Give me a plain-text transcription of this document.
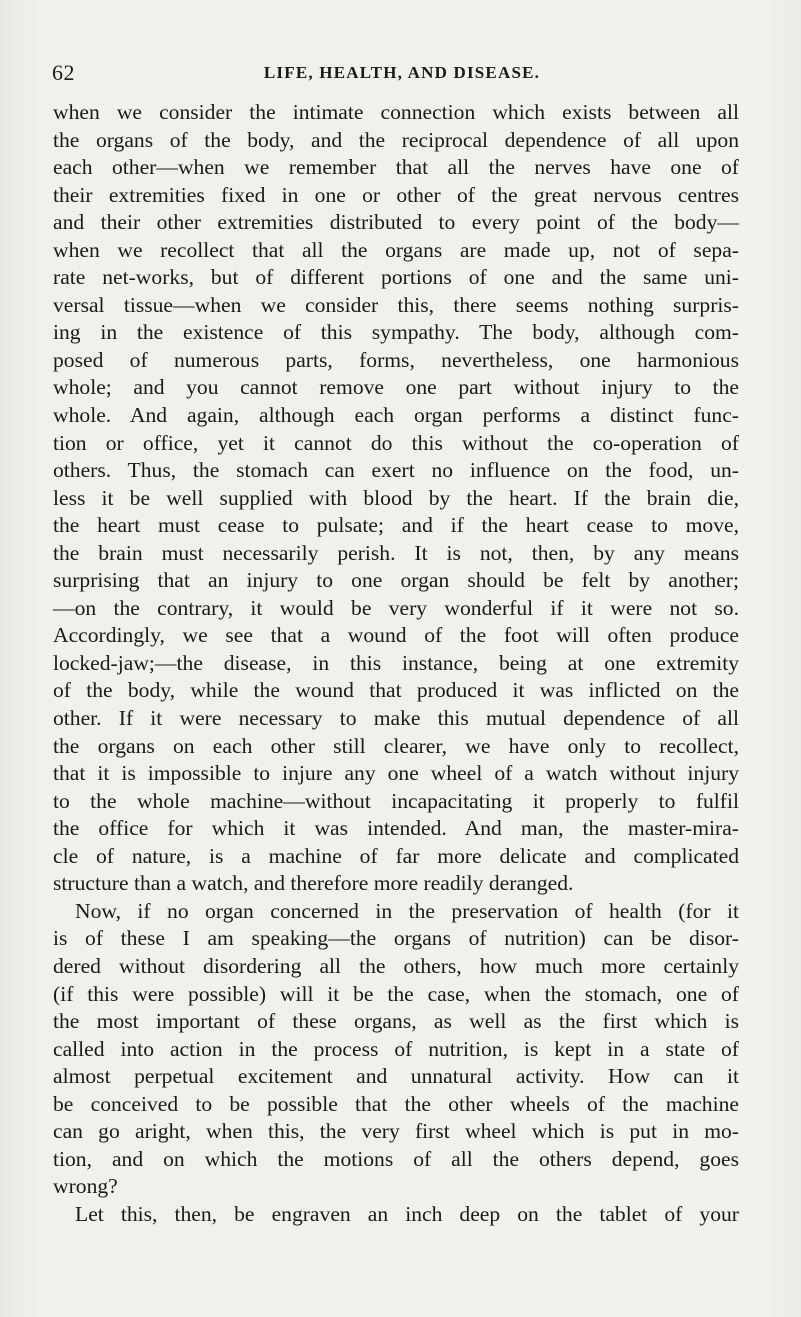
62	LIFE, HEALTH, AND DISEASE.
when we consider the intimate connection which exists between all
the organs of the body, and the reciprocal dependence of all upon
each other—when we remember that all the nerves have one of
their extremities fixed in one or other of the great nervous centres
and their other extremities distributed to every point of the body—
when we recollect that all the organs are made up, not of sepa-
rate net-works, but of different portions of one and the same uni-
versal tissue—when we consider this, there seems nothing surpris-
ing in the existence of this sympathy. The body, although com-
posed of numerous parts, forms, nevertheless, one harmonious
whole; and you cannot remove one part without injury to the
whole. And again, although each organ performs a distinct func-
tion or office, yet it cannot do this without the co-operation of
others. Thus, the stomach can exert no influence on the food, un-
less it be well supplied with blood by the heart. If the brain die,
the heart must cease to pulsate; and if the heart cease to move,
the brain must necessarily perish. It is not, then, by any means
surprising that an injury to one organ should be felt by another;
—on the contrary, it would be very wonderful if it were not so.
Accordingly, we see that a wound of the foot will often produce
locked-jaw;—the disease, in this instance, being at one extremity
of the body, while the wound that produced it was inflicted on the
other. If it were necessary to make this mutual dependence of all
the organs on each other still clearer, we have only to recollect,
that it is impossible to injure any one wheel of a watch without injury
to the whole machine—without incapacitating it properly to fulfil
the office for which it was intended. And man, the master-mira-
cle of nature, is a machine of far more delicate and complicated
structure than a watch, and therefore more readily deranged.
Now, if no organ concerned in the preservation of health (for it
is of these I am speaking—the organs of nutrition) can be disor-
dered without disordering all the others, how much more certainly
(if this were possible) will it be the case, when the stomach, one of
the most important of these organs, as well as the first which is
called into action in the process of nutrition, is kept in a state of
almost perpetual excitement and unnatural activity. How can it
be conceived to be possible that the other wheels of the machine
can go aright, when this, the very first wheel which is put in mo-
tion, and on which the motions of all the others depend, goes
wrong?
Let this, then, be engraven an inch deep on the tablet of your
